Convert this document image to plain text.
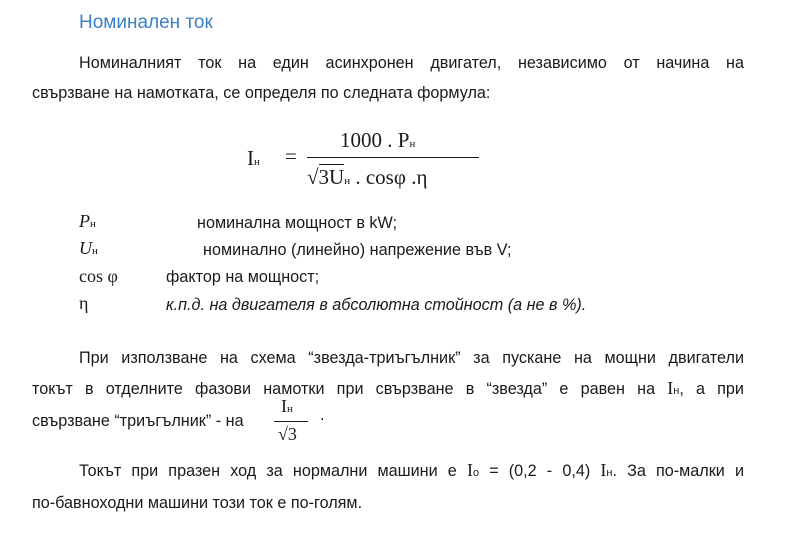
Номинален ток
Номиналният ток на един асинхронен двигател, независимо от начина на
свързване на намотката, се определя по следната формула:
Iн =
1000 . Pн
√3Uн . cosφ .η
Pн	номинална мощност в kW;
Uн	номинално (линейно) напрежение във V;
cos φ	фактор на мощност;
η	к.п.д. на двигателя в абсолютна стойност (а не в %).
При използване на схема “звезда-триъгълник” за пускане на мощни двигатели
токът в отделните фазови намотки при свързване в “звезда” е равен на Iн, а при
свързване “триъгълник” - на
Iн
√3
.
Токът при празен ход за нормални машини е Io = (0,2 - 0,4) Iн. За по-малки и
по-бавноходни машини този ток е по-голям.
